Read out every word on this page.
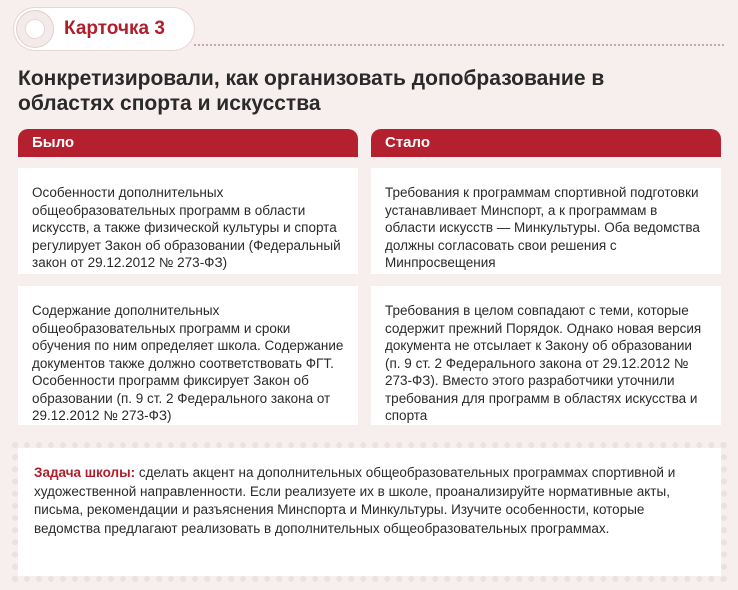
Карточка 3
Конкретизировали, как организовать допобразование в областях спорта и искусства
Было	Стало
Особенности дополнительных общеобразовательных программ в области искусств, а также физической культуры и спорта регулирует Закон об образовании (Федеральный закон от 29.12.2012 № 273-ФЗ)
Требования к программам спортивной подготовки устанавливает Минспорт, а к программам в области искусств — Минкультуры. Оба ведомства должны согласовать свои решения с Минпросвещения
Содержание дополнительных общеобразовательных программ и сроки обучения по ним определяет школа. Содержание документов также должно соответствовать ФГТ. Особенности программ фиксирует Закон об образовании (п. 9 ст. 2 Федерального закона от 29.12.2012 № 273-ФЗ)
Требования в целом совпадают с теми, которые содержит прежний Порядок. Однако новая версия документа не отсылает к Закону об образовании (п. 9 ст. 2 Федерального закона от 29.12.2012 № 273-ФЗ). Вместо этого разработчики уточнили требования для программ в областях искусства и спорта
Задача школы: сделать акцент на дополнительных общеобразовательных программах спортивной и художественной направленности. Если реализуете их в школе, проанализируйте нормативные акты, письма, рекомендации и разъяснения Минспорта и Минкультуры. Изучите особенности, которые ведомства предлагают реализовать в дополнительных общеобразовательных программах.
